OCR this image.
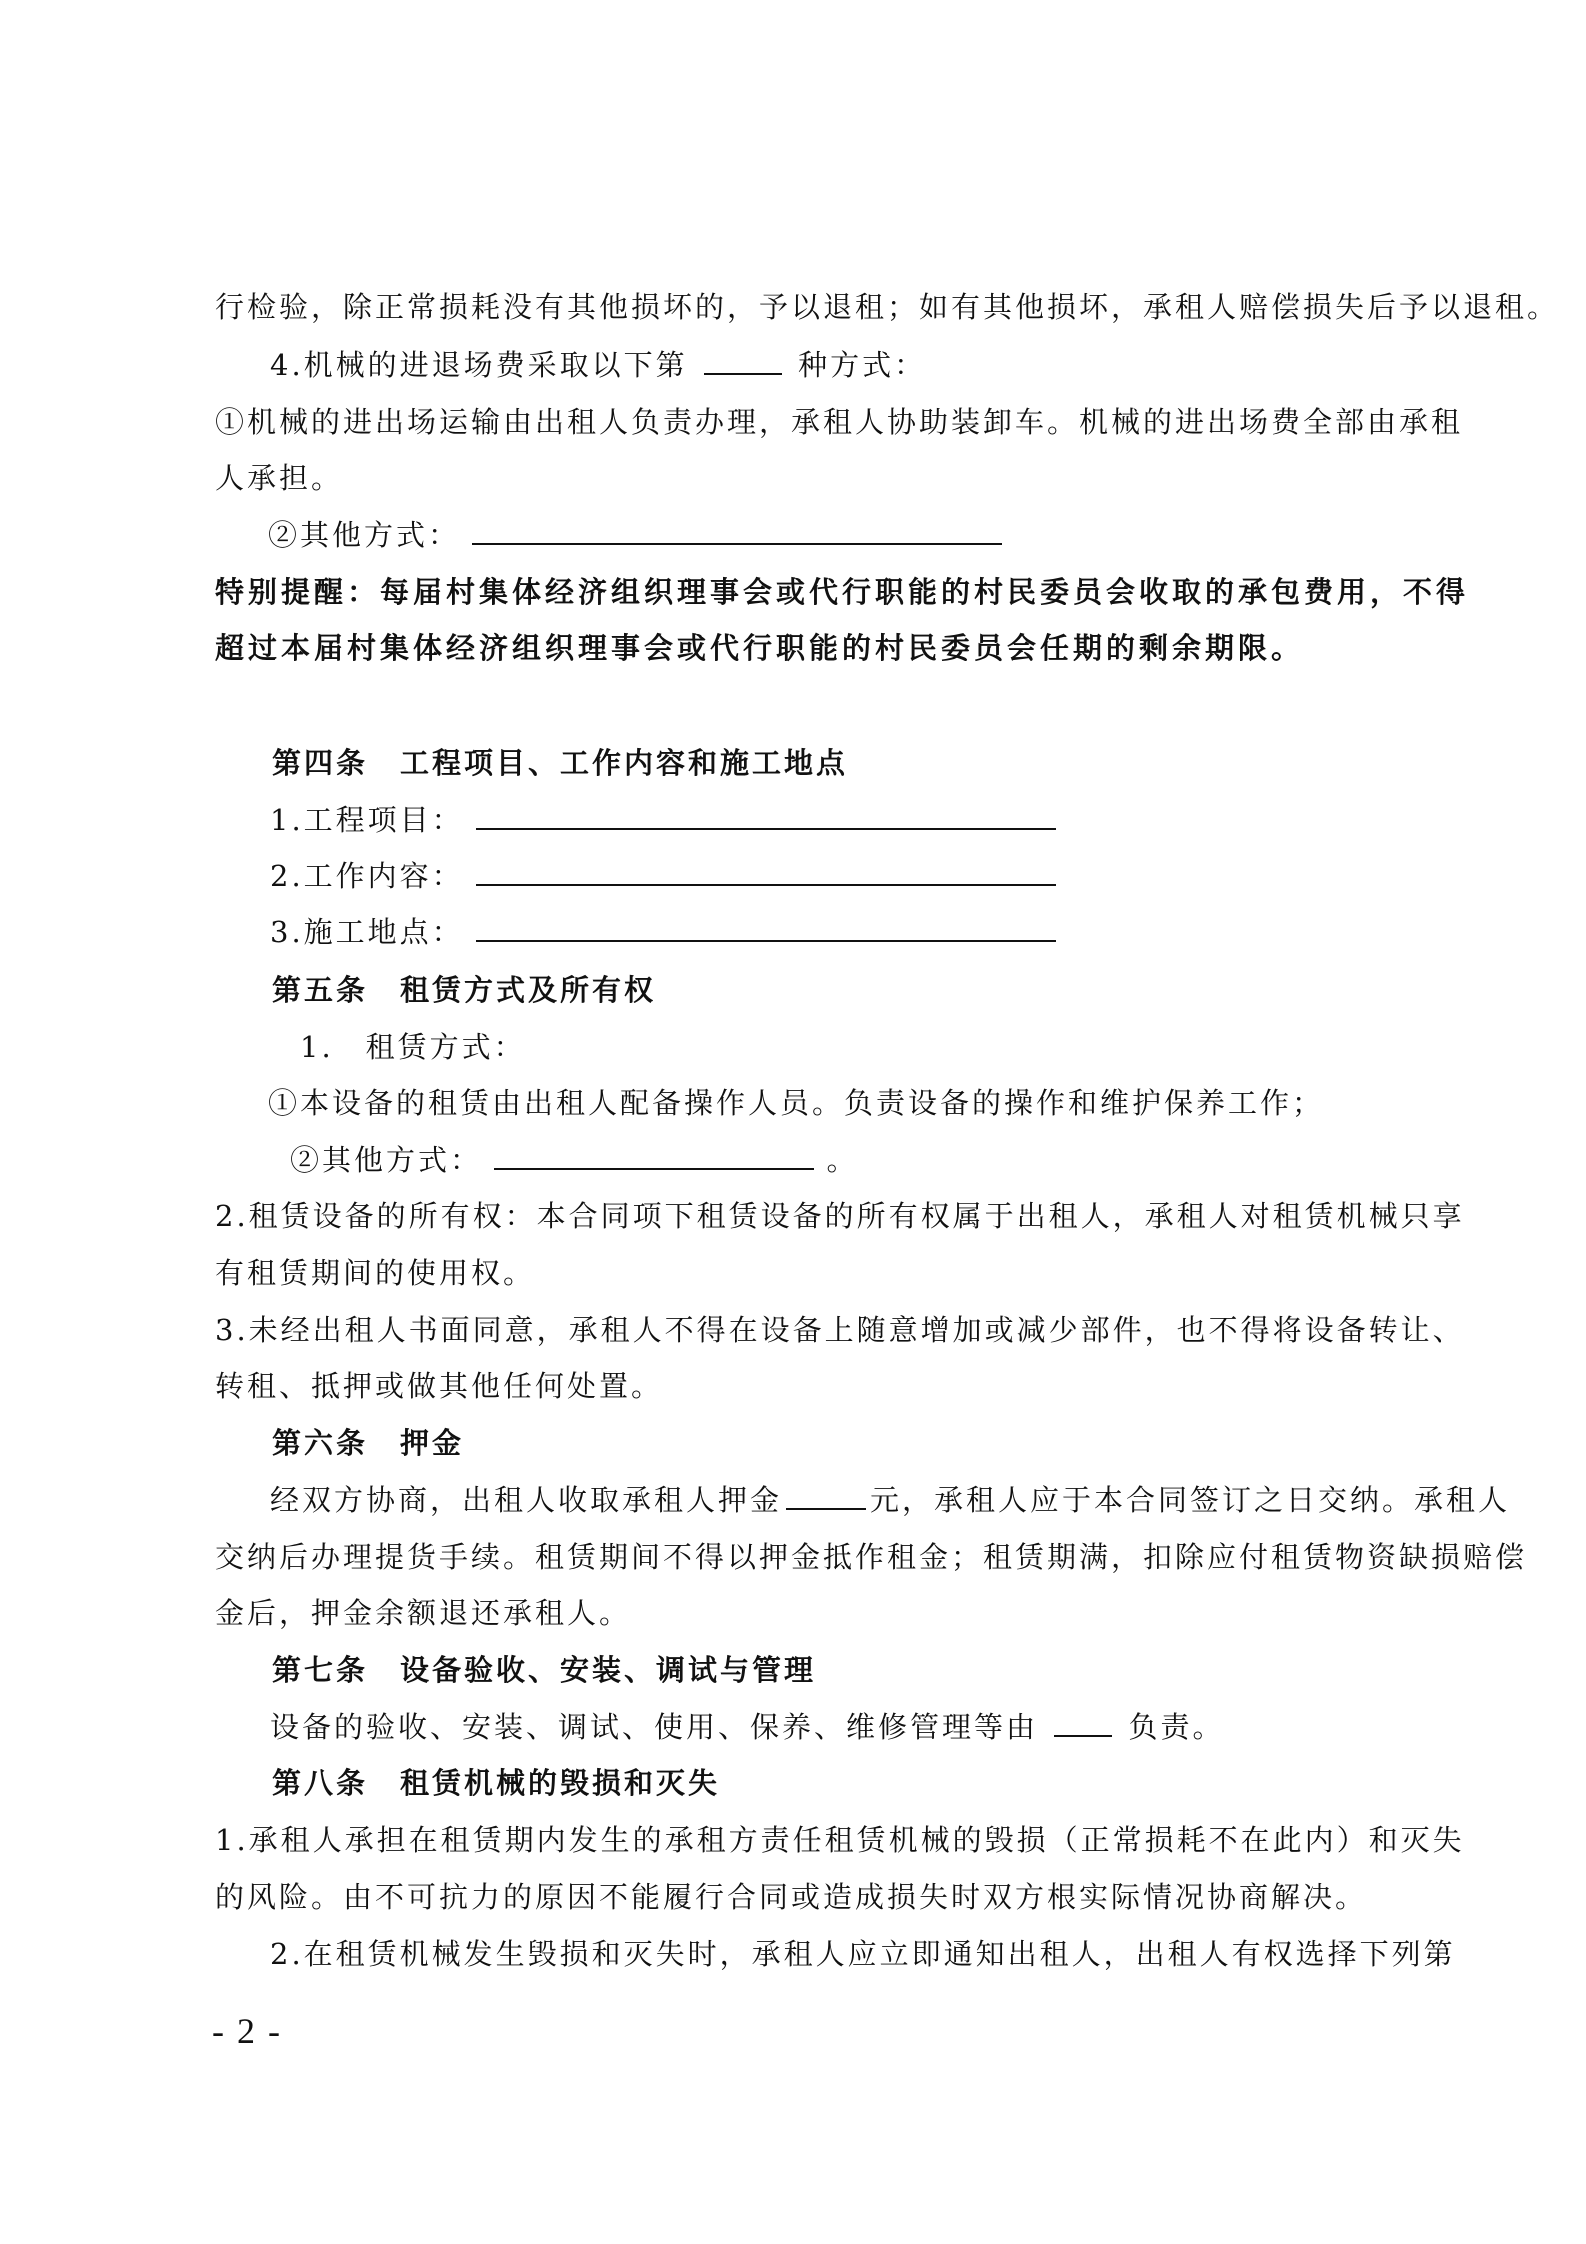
行检验，除正常损耗没有其他损坏的，予以退租；如有其他损坏，承租人赔偿损失后予以退租。
4.机械的进退场费采取以下第	种方式：
①机械的进出场运输由出租人负责办理，承租人协助装卸车。机械的进出场费全部由承租
人承担。
②其他方式：
特别提醒：每届村集体经济组织理事会或代行职能的村民委员会收取的承包费用，不得
超过本届村集体经济组织理事会或代行职能的村民委员会任期的剩余期限。
第四条　工程项目、工作内容和施工地点
1.工程项目：
2.工作内容：
3.施工地点：
第五条　租赁方式及所有权
1.　租赁方式：
①本设备的租赁由出租人配备操作人员。负责设备的操作和维护保养工作；
②其他方式：	。
2.租赁设备的所有权：本合同项下租赁设备的所有权属于出租人，承租人对租赁机械只享
有租赁期间的使用权。
3.未经出租人书面同意，承租人不得在设备上随意增加或减少部件，也不得将设备转让、
转租、抵押或做其他任何处置。
第六条　押金
经双方协商，出租人收取承租人押金	元，承租人应于本合同签订之日交纳。承租人
交纳后办理提货手续。租赁期间不得以押金抵作租金；租赁期满，扣除应付租赁物资缺损赔偿
金后，押金余额退还承租人。
第七条　设备验收、安装、调试与管理
设备的验收、安装、调试、使用、保养、维修管理等由	负责。
第八条　租赁机械的毁损和灭失
1.承租人承担在租赁期内发生的承租方责任租赁机械的毁损（正常损耗不在此内）和灭失
的风险。由不可抗力的原因不能履行合同或造成损失时双方根实际情况协商解决。
2.在租赁机械发生毁损和灭失时，承租人应立即通知出租人，出租人有权选择下列第
- 2 -
